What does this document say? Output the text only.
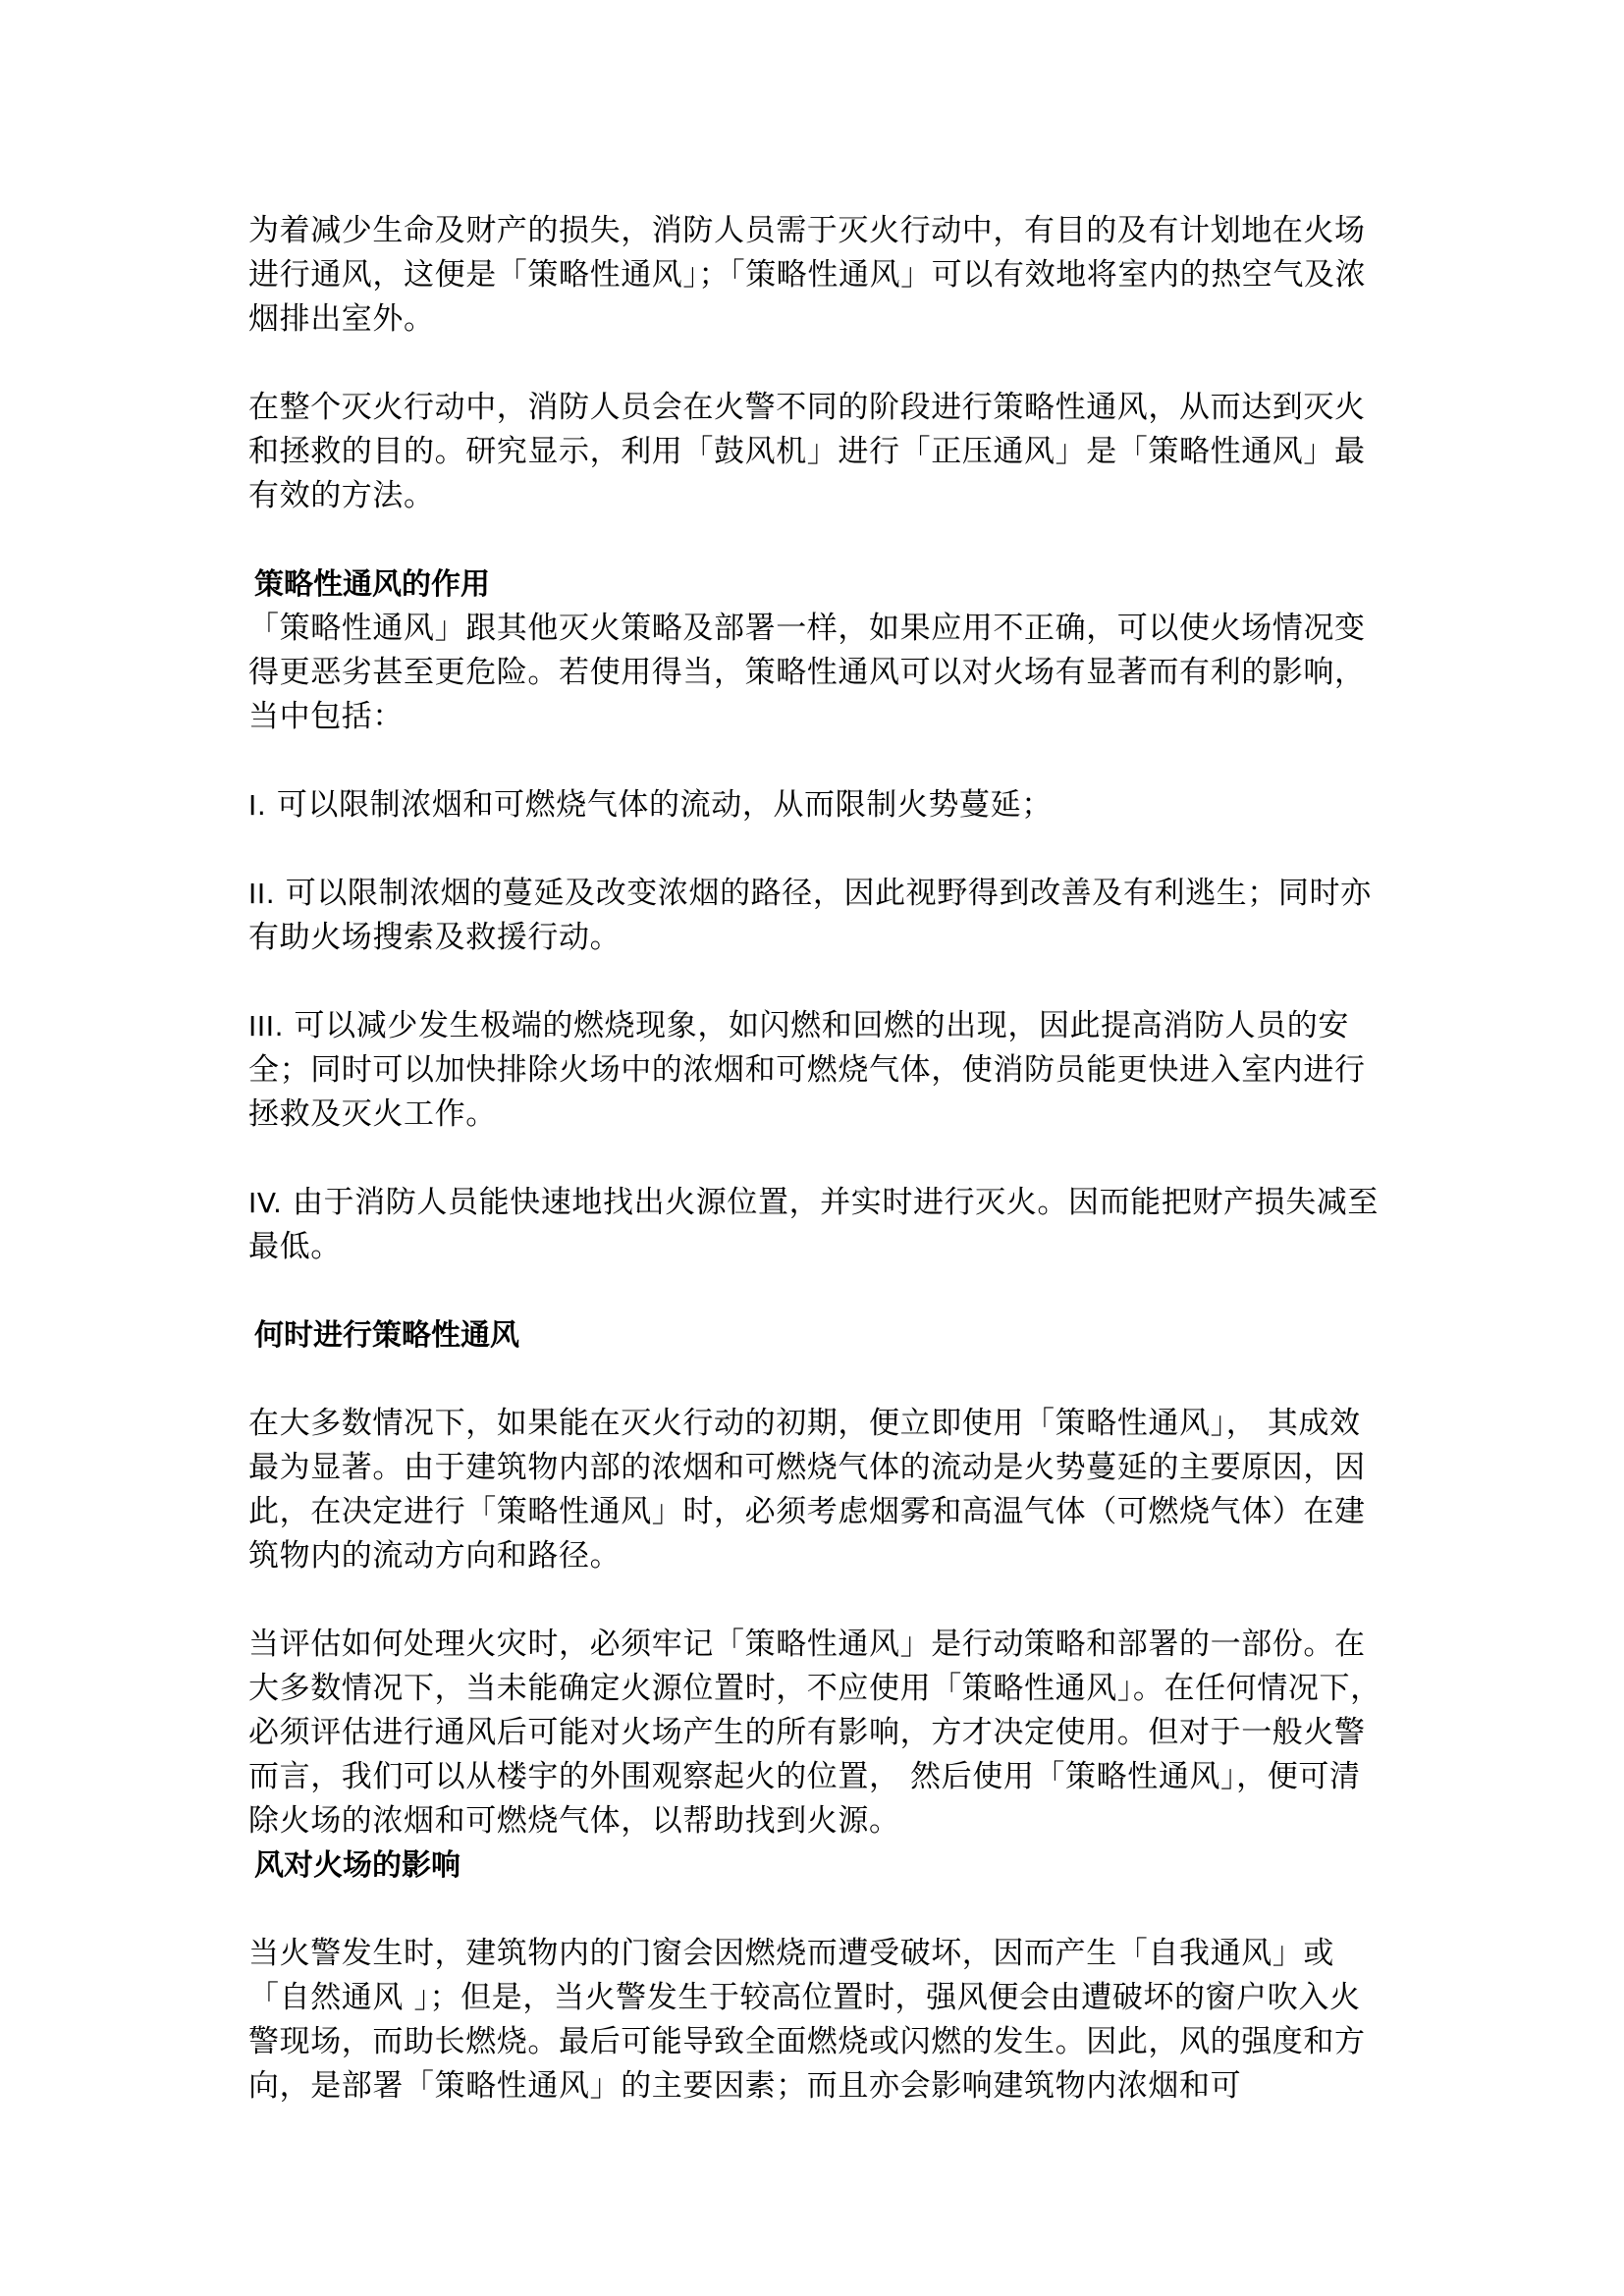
为着减少生命及财产的损失，消防人员需于灭火行动中，有目的及有计划地在火场进行通风，这便是「策略性通风」；「策略性通风」可以有效地将室内的热空气及浓烟排出室外。

在整个灭火行动中，消防人员会在火警不同的阶段进行策略性通风，从而达到灭火和拯救的目的。研究显示，利用「鼓风机」进行「正压通风」是「策略性通风」最有效的方法。

策略性通风的作用

「策略性通风」跟其他灭火策略及部署一样，如果应用不正确，可以使火场情况变得更恶劣甚至更危险。若使用得当，策略性通风可以对火场有显著而有利的影响，当中包括：

I. 可以限制浓烟和可燃烧气体的流动，从而限制火势蔓延；

II. 可以限制浓烟的蔓延及改变浓烟的路径，因此视野得到改善及有利逃生；同时亦有助火场搜索及救援行动。

III. 可以减少发生极端的燃烧现象，如闪燃和回燃的出现，因此提高消防人员的安全；同时可以加快排除火场中的浓烟和可燃烧气体，使消防员能更快进入室内进行拯救及灭火工作。

IV. 由于消防人员能快速地找出火源位置，并实时进行灭火。因而能把财产损失减至最低。

何时进行策略性通风

在大多数情况下，如果能在灭火行动的初期，便立即使用「策略性通风」， 其成效最为显著。由于建筑物内部的浓烟和可燃烧气体的流动是火势蔓延的主要原因，因此，在决定进行「策略性通风」时，必须考虑烟雾和高温气体（可燃烧气体）在建筑物内的流动方向和路径。

当评估如何处理火灾时，必须牢记「策略性通风」是行动策略和部署的一部份。在大多数情况下，当未能确定火源位置时，不应使用「策略性通风」。在任何情况下，必须评估进行通风后可能对火场产生的所有影响，方才决定使用。但对于一般火警而言，我们可以从楼宇的外围观察起火的位置， 然后使用「策略性通风」，便可清除火场的浓烟和可燃烧气体，以帮助找到火源。

风对火场的影响

当火警发生时，建筑物内的门窗会因燃烧而遭受破坏，因而产生「自我通风」或「自然通风 」；但是，当火警发生于较高位置时，强风便会由遭破坏的窗户吹入火警现场，而助长燃烧。最后可能导致全面燃烧或闪燃的发生。因此，风的强度和方向，是部署「策略性通风」的主要因素；而且亦会影响建筑物内浓烟和可
